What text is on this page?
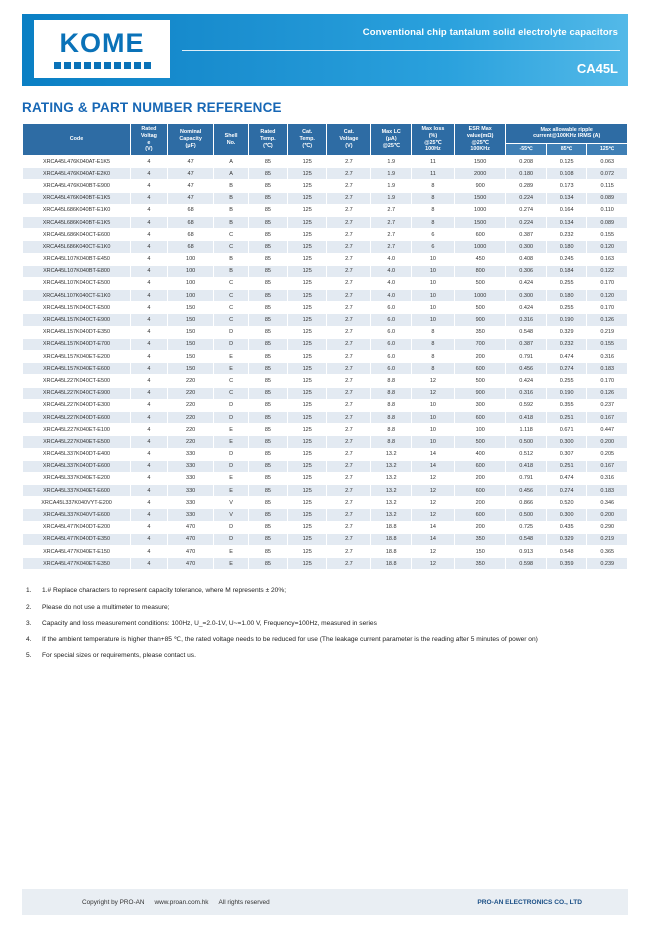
KOME	Conventional chip tantalum solid electrolyte capacitors
CA45L
RATING & PART NUMBER REFERENCE
Code	Rated
Voltag
e
(V)	Nominal
Capacity
(μF)	Shell
No.	Rated
Temp.
(℃)	Cat.
Temp.
(℃)	Cat.
Voltage
(V)	Max LC
(μA)
@25℃	Max loss
(%)
@25℃
100Hz	ESR Max
value(mΩ)
@25℃
100KHz	Max allowable ripple
current@100KHz IRMS (A)		
										-55℃	85℃	125℃
XRCA45L476K040AT-E1K5	4	47	A	85	125	2.7	1.9	11	1500	0.208	0.125	0.063
XRCA45L476K040AT-E2K0	4	47	A	85	125	2.7	1.9	11	2000	0.180	0.108	0.072
XRCA45L476K040BT-E900	4	47	B	85	125	2.7	1.9	8	900	0.289	0.173	0.115
XRCA45L476K040BT-E1K5	4	47	B	85	125	2.7	1.9	8	1500	0.224	0.134	0.089
XRCA45L686K040BT-E1K0	4	68	B	85	125	2.7	2.7	8	1000	0.274	0.164	0.110
XRCA45L686K040BT-E1K5	4	68	B	85	125	2.7	2.7	8	1500	0.224	0.134	0.089
XRCA45L686K040CT-E600	4	68	C	85	125	2.7	2.7	6	600	0.387	0.232	0.155
XRCA45L686K040CT-E1K0	4	68	C	85	125	2.7	2.7	6	1000	0.300	0.180	0.120
XRCA45L107K040BT-E450	4	100	B	85	125	2.7	4.0	10	450	0.408	0.245	0.163
XRCA45L107K040BT-E800	4	100	B	85	125	2.7	4.0	10	800	0.306	0.184	0.122
XRCA45L107K040CT-E500	4	100	C	85	125	2.7	4.0	10	500	0.424	0.255	0.170
XRCA45L107K040CT-E1K0	4	100	C	85	125	2.7	4.0	10	1000	0.300	0.180	0.120
XRCA45L157K040CT-E500	4	150	C	85	125	2.7	6.0	10	500	0.424	0.255	0.170
XRCA45L157K040CT-E900	4	150	C	85	125	2.7	6.0	10	900	0.316	0.190	0.126
XRCA45L157K040DT-E350	4	150	D	85	125	2.7	6.0	8	350	0.548	0.329	0.219
XRCA45L157K040DT-E700	4	150	D	85	125	2.7	6.0	8	700	0.387	0.232	0.155
XRCA45L157K040ET-E200	4	150	E	85	125	2.7	6.0	8	200	0.791	0.474	0.316
XRCA45L157K040ET-E600	4	150	E	85	125	2.7	6.0	8	600	0.456	0.274	0.183
XRCA45L227K040CT-E500	4	220	C	85	125	2.7	8.8	12	500	0.424	0.255	0.170
XRCA45L227K040CT-E900	4	220	C	85	125	2.7	8.8	12	900	0.316	0.190	0.126
XRCA45L227K040DT-E300	4	220	D	85	125	2.7	8.8	10	300	0.592	0.355	0.237
XRCA45L227K040DT-E600	4	220	D	85	125	2.7	8.8	10	600	0.418	0.251	0.167
XRCA45L227K040ET-E100	4	220	E	85	125	2.7	8.8	10	100	1.118	0.671	0.447
XRCA45L227K040ET-E500	4	220	E	85	125	2.7	8.8	10	500	0.500	0.300	0.200
XRCA45L337K040DT-E400	4	330	D	85	125	2.7	13.2	14	400	0.512	0.307	0.205
XRCA45L337K040DT-E600	4	330	D	85	125	2.7	13.2	14	600	0.418	0.251	0.167
XRCA45L337K040ET-E200	4	330	E	85	125	2.7	13.2	12	200	0.791	0.474	0.316
XRCA45L337K040ET-E600	4	330	E	85	125	2.7	13.2	12	600	0.456	0.274	0.183
XRCA45L337K040VYT-E200	4	330	V	85	125	2.7	13.2	12	200	0.866	0.520	0.346
XRCA45L337K040VT-E600	4	330	V	85	125	2.7	13.2	12	600	0.500	0.300	0.200
XRCA45L477K040DT-E200	4	470	D	85	125	2.7	18.8	14	200	0.725	0.435	0.290
XRCA45L477K040DT-E350	4	470	D	85	125	2.7	18.8	14	350	0.548	0.329	0.219
XRCA45L477K040ET-E150	4	470	E	85	125	2.7	18.8	12	150	0.913	0.548	0.365
XRCA45L477K040ET-E350	4	470	E	85	125	2.7	18.8	12	350	0.598	0.359	0.239
1.	1.# Replace characters to represent capacity tolerance, where M represents ± 20%;
2.	Please do not use a multimeter to measure;
3.	Capacity and loss measurement conditions: 100Hz, U_=2.0-1V, U~=1.00 V, Frequency=100Hz, measured in series
4.	If the ambient temperature is higher than+85 ℃, the rated voltage needs to be reduced for use (The leakage current parameter is the reading after 5 minutes of power on)
5.	For special sizes or requirements, please contact us.
Copyright by PRO-AN www.proan.com.hk All rights reserved	PRO-AN ELECTRONICS CO., LTD
